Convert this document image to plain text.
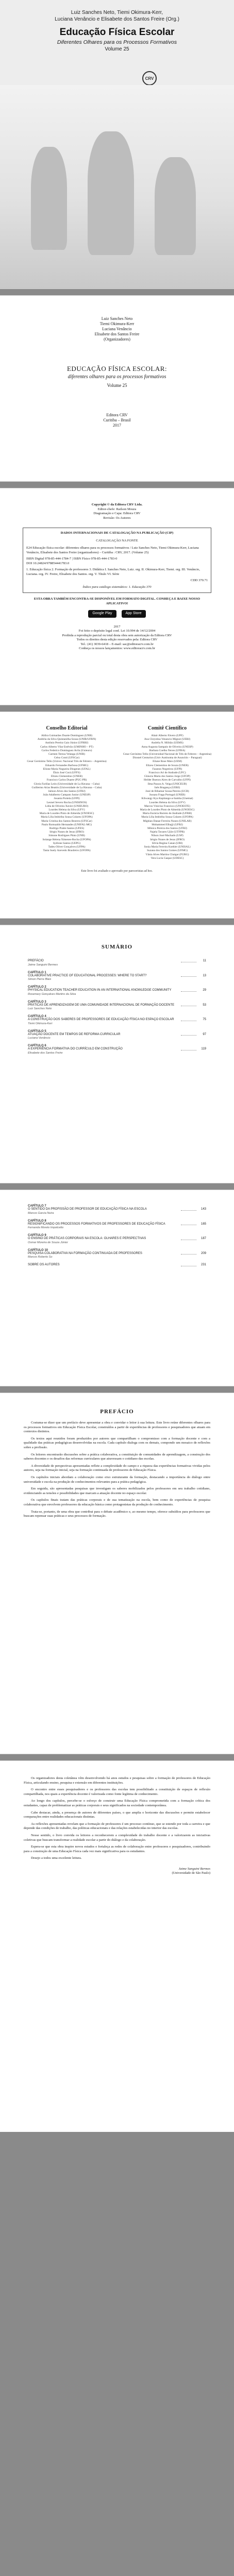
Luiz Sanches Neto, Tiemi Okimura-Kerr,
Luciana Venâncio e Elisabete dos Santos Freire (Org.)
Educação Física Escolar
Diferentes Olhares para os Processos Formativos
Volume 25
CRV
Luiz Sanches Neto
Tiemi Okimura-Kerr
Luciana Venâncio
Elisabete dos Santos Freire
(Organizadores)
EDUCAÇÃO FÍSICA ESCOLAR:
diferentes olhares para os processos formativos
Volume 25
Editora CRV
Curitiba – Brasil
2017
Copyright © da Editora CRV Ltda.
Editor-chefe: Railson Moura
Diagramação e Capa: Editora CRV
Revisão: Os Autores
DADOS INTERNACIONAIS DE CATALOGAÇÃO NA PUBLICAÇÃO (CIP)
CATALOGAÇÃO NA FONTE
E24 Educação física escolar: diferentes olhares para os processos formativos / Luiz Sanches Neto, Tiemi Okimura-Kerr, Luciana Venâncio, Elisabete dos Santos Freire (organizadores) – Curitiba : CRV, 2017. (Volume 25)
ISBN Digital 978-85-444-1784-7 | ISBN Físico 978-85-444-1783-0
DOI 10.24824/978854441783.0
1. Educação física 2. Formação de professores 3. Didática I. Sanches Neto, Luiz. org. II. Okimura-Kerr, Tiemi. org. III. Venâncio, Luciana. org. IV. Freire, Elisabete dos Santos. org. V. Título VI. Série
CDD 370.71
Índice para catálogo sistemático: 1. Educação 370
ESTA OBRA TAMBÉM ENCONTRA-SE DISPONÍVEL EM FORMATO DIGITAL. CONHEÇA E BAIXE NOSSO APLICATIVO!
Google Play	App Store
2017
Foi feito o depósito legal conf. Lei 10.994 de 14/12/2004
Proibida a reprodução parcial ou total desta obra sem autorização da Editora CRV
Todos os direitos desta edição reservados pela: Editora CRV
Tel.: (41) 3039-6418 – E-mail: sac@editoracrv.com.br
Conheça os nossos lançamentos: www.editoracrv.com.br
Conselho Editorial
Aldira Guimarães Duarte Domínguez (UNB)
Andréia da Silva Quintanilha Sousa (UNIR/UFRN)
Antônio Pereira Gaio Júnior (UFRRJ)
Carlos Alberto Vilar Estêvão (UMINHO – PT)
Carlos Federico Dominguez Avila (Unieuro)
Carmen Tereza Velanga (UNIR)
Celso Conti (UFSCar)
Cesar Gerónimo Tello (Univer. Nacional Três de Febrero – Argentina)
Eduardo Fernandes Barbosa (UFMG)
Elione Maria Nogueira Diogenes (UFAL)
Élsio José Corá (UFFS)
Elizeu Clementino (UNEB)
Francisco Carlos Duarte (PUC-PR)
Gloria Fariñas León (Universidade de La Havana – Cuba)
Guillermo Arias Beatón (Universidade de La Havana – Cuba)
Jailson Alves dos Santos (UFRJ)
João Adalberto Campato Junior (UNESP)
Josania Portela (UFPI)
Leonel Severo Rocha (UNISINOS)
Lídia de Oliveira Xavier (UNIEURO)
Lourdes Helena da Silva (UFV)
Maria de Lourdes Pinto de Almeida (UNOESC)
Maria Lília Imbiriba Sousa Colares (UFOPA)
Maria Cristina dos Santos Bezerra (UFSCar)
Paulo Romualdo Hernandes (UNIFAL-MG)
Rodrigo Pratte-Santos (UFES)
Sérgio Nunes de Jesus (IFRO)
Simone Rodrigues Pinto (UNB)
Solange Helena Ximenes-Rocha (UFOPA)
Sydione Santos (UEPG)
Tadeu Oliver Gonçalves (UFPA)
Tania Suely Azevedo Brasileiro (UFOPA)
Comitê Científico
Altair Alberto Fávero (UPF)
Ana Chrystina Venancio Mignot (UERJ)
Andréia N. Militão (UEMS)
Anna Augusta Sampaio de Oliveira (UNESP)
Barbara Coelho Neves (UFBA)
Cesar Gerónimo Tello (Universidad Nacional de Três de Febrero – Argentina)
Diosnel Centurion (Univ Autónoma de Asunción – Paraguai)
Eliane Rose Maio (UEM)
Elizeu Clementino de Souza (UNEB)
Fauston Negreiros (UFPI)
Francisco Ari de Andrade (UFC)
Gláucia Maria dos Santos Jorge (UFOP)
Helder Buenos Aires de Carvalho (UFPI)
Ilma Passos A. Veiga (UNICEUB)
Inês Bragança (UERJ)
José de Ribamar Sousa Pereira (UCB)
Jussara Fraga Portugal (UNEB)
Kilwangy Kya Kapitango-a-Samba (Unemat)
Lourdes Helena da Silva (UFV)
Marcos Vinicius Francisco (UNOESTE)
Maria de Lourdes Pinto de Almeida (UNOESC)
Maria Eurácia Barreto de Andrade (UFRB)
Maria Lília Imbiriba Sousa Colares (UFOPA)
Míghian Danae Ferreira Nunes (UNILAB)
Mohammed Elhajji (UFRJ)
Mônica Pereira dos Santos (UFRJ)
Najela Tavares Ujiie (UTFPR)
Nilson José Machado (USP)
Sérgio Nunes de Jesus (IFRO)
Silvia Regina Canan (URI)
Sonia Maria Ferreira Koehler (UNISAL)
Suzana dos Santos Gomes (UFMG)
Vânia Alves Martins Chaigar (FURG)
Vera Lucia Gaspar (UDESC)
Este livro foi avaliado e aprovado por pareceristas ad hoc.
SUMÁRIO
PREFÁCIO	11
Jaime Sanguini Bermes
CAPÍTULO 1
COLABORATIVE PRACTICE OF EDUCATIONAL PROCESSES: WHERE TO START?	13
Simon Pierre Blais
CAPÍTULO 2
PHYSICAL EDUCATION TEACHER EDUCATION IN AN INTERNATIONAL KNOWLEDGE COMMUNITY	29
Rosemary Gonçalves Martins da Silva
CAPÍTULO 3
PRÁTICAS DE APRENDIZAGEM DE UMA COMUNIDADE INTERNACIONAL DE FORMAÇÃO DOCENTE	53
Luiz Sanches Neto
CAPÍTULO 4
A CONSTRUÇÃO DOS SABERES DE PROFESSORES DE EDUCAÇÃO FÍSICA NO ESPAÇO ESCOLAR	75
Tiemi Okimura-Kerr
CAPÍTULO 5
ATUAÇÃO DOCENTE EM TEMPOS DE REFORMA CURRICULAR	97
Luciana Venâncio
CAPÍTULO 6
A EXPERIÊNCIA FORMATIVA DO CURRÍCULO EM CONSTRUÇÃO	119
Elisabete dos Santos Freire
CAPÍTULO 7
O SENTIDO DA PROFISSÃO DE PROFESSOR DE EDUCAÇÃO FÍSICA NA ESCOLA	143
Marcos Garcia Neira
CAPÍTULO 8
RESIGNIFICANDO OS PROCESSOS FORMATIVOS DE PROFESSORES DE EDUCAÇÃO FÍSICA	165
Fernanda Moreto Impolcetto
CAPÍTULO 9
O ENSINO DE PRÁTICAS CORPORAIS NA ESCOLA: OLHARES E PERSPECTIVAS	187
Osmar Moreira de Souza Júnior
CAPÍTULO 10
PESQUISA COLABORATIVA NA FORMAÇÃO CONTINUADA DE PROFESSORES	209
Marcos Roberto So
SOBRE OS AUTORES	231
PREFÁCIO

Costuma-se dizer que um prefácio deve apresentar a obra e convidar o leitor à sua leitura. Este livro reúne diferentes olhares para os processos formativos em Educação Física Escolar, construídos a partir de experiências de professores e pesquisadores que atuam em contextos distintos.

Os textos aqui reunidos foram produzidos por autores que compartilham o compromisso com a formação docente e com a qualidade das práticas pedagógicas desenvolvidas na escola. Cada capítulo dialoga com os demais, compondo um mosaico de reflexões sobre a profissão.

Os leitores encontrarão discussões sobre a prática colaborativa, a constituição de comunidades de aprendizagem, a construção dos saberes docentes e os desafios das reformas curriculares que atravessam o cotidiano das escolas.

A diversidade de perspectivas apresentadas reflete a complexidade do campo e a riqueza das experiências formativas vividas pelos autores, seja na formação inicial, seja na formação continuada de professores de Educação Física.

Os capítulos iniciais abordam a colaboração como eixo estruturante da formação, destacando a importância do diálogo entre universidade e escola na produção de conhecimentos relevantes para a prática pedagógica.

Em seguida, são apresentadas pesquisas que investigam os saberes mobilizados pelos professores em seu trabalho cotidiano, evidenciando as tensões e possibilidades que marcam a atuação docente no espaço escolar.

Os capítulos finais tratam das práticas corporais e de sua tematização na escola, bem como de experiências de pesquisa colaborativa que envolvem professores da educação básica como protagonistas da produção de conhecimento.

Trata-se, portanto, de uma obra que contribui para o debate acadêmico e, ao mesmo tempo, oferece subsídios para professores que buscam repensar suas práticas e seus processos de formação.

Os organizadores desta coletânea vêm desenvolvendo há anos estudos e pesquisas sobre a formação de professores de Educação Física, articulando ensino, pesquisa e extensão em diferentes instituições.

O encontro entre esses pesquisadores e os professores das escolas tem possibilitado a constituição de espaços de reflexão compartilhada, nos quais a experiência docente é valorizada como fonte legítima de conhecimento.

Ao longo dos capítulos, percebe-se o esforço de construir uma Educação Física comprometida com a formação crítica dos estudantes, capaz de problematizar as práticas corporais e seus significados na sociedade contemporânea.

Cabe destacar, ainda, a presença de autores de diferentes países, o que amplia o horizonte das discussões e permite estabelecer comparações entre realidades educacionais distintas.

As reflexões apresentadas revelam que a formação de professores é um processo contínuo, que se estende por toda a carreira e que depende das condições de trabalho, das políticas educacionais e das relações estabelecidas no interior das escolas.

Nesse sentido, o livro convida os leitores a reconhecerem a complexidade do trabalho docente e a valorizarem as iniciativas coletivas que buscam transformar a realidade escolar a partir do diálogo e da colaboração.

Espera-se que esta obra inspire novos estudos e fortaleça as redes de colaboração entre professores e pesquisadores, contribuindo para a construção de uma Educação Física cada vez mais significativa para os estudantes.

Desejo a todos uma excelente leitura.

Jaime Sanguini Bermes
(Universidade de São Paulo)
